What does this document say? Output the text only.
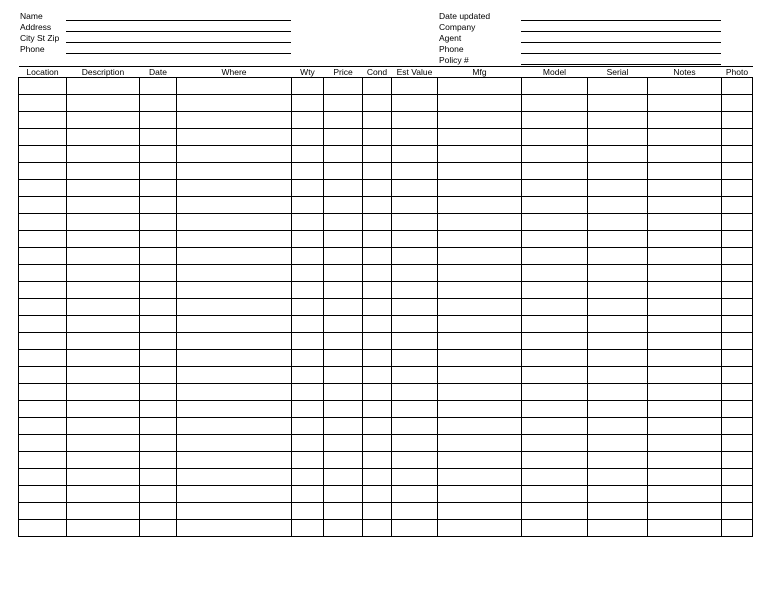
Name
Address
City St Zip
Phone
Date updated
Company
Agent
Phone
Policy #
Location	Description	Date	Where	Wty	Price	Cond	Est Value	Mfg	Model	Serial	Notes	Photo
